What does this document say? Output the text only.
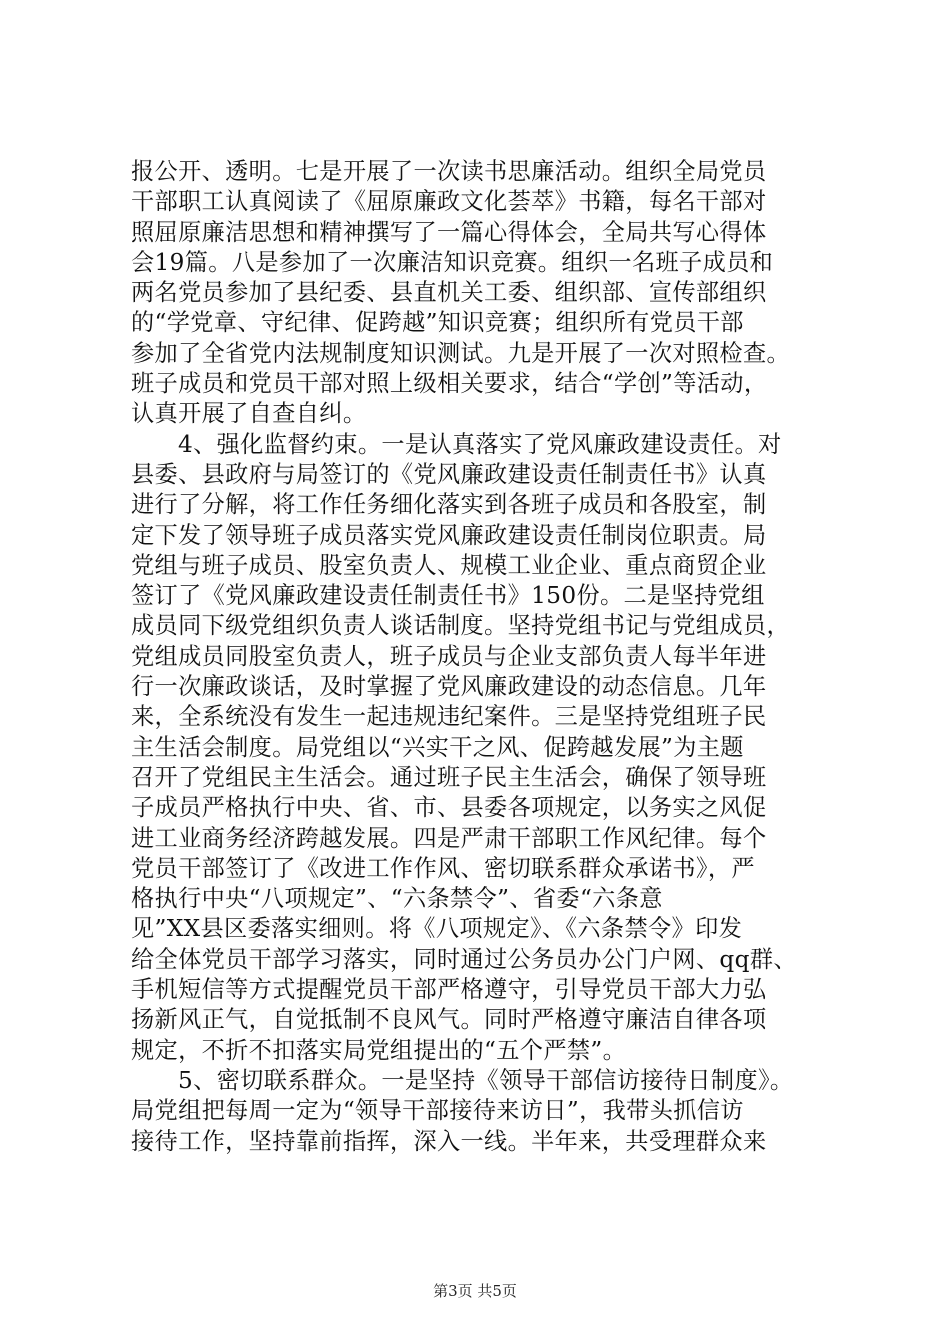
报公开、透明。七是开展了一次读书思廉活动。组织全局党员
干部职工认真阅读了《屈原廉政文化荟萃》书籍，每名干部对
照屈原廉洁思想和精神撰写了一篇心得体会，全局共写心得体
会19篇。八是参加了一次廉洁知识竞赛。组织一名班子成员和
两名党员参加了县纪委、县直机关工委、组织部、宣传部组织
的“学党章、守纪律、促跨越”知识竞赛；组织所有党员干部
参加了全省党内法规制度知识测试。九是开展了一次对照检查。
班子成员和党员干部对照上级相关要求，结合“学创”等活动，
认真开展了自查自纠。
4、强化监督约束。一是认真落实了党风廉政建设责任。对
县委、县政府与局签订的《党风廉政建设责任制责任书》认真
进行了分解，将工作任务细化落实到各班子成员和各股室，制
定下发了领导班子成员落实党风廉政建设责任制岗位职责。局
党组与班子成员、股室负责人、规模工业企业、重点商贸企业
签订了《党风廉政建设责任制责任书》150份。二是坚持党组
成员同下级党组织负责人谈话制度。坚持党组书记与党组成员，
党组成员同股室负责人，班子成员与企业支部负责人每半年进
行一次廉政谈话，及时掌握了党风廉政建设的动态信息。几年
来，全系统没有发生一起违规违纪案件。三是坚持党组班子民
主生活会制度。局党组以“兴实干之风、促跨越发展”为主题
召开了党组民主生活会。通过班子民主生活会，确保了领导班
子成员严格执行中央、省、市、县委各项规定，以务实之风促
进工业商务经济跨越发展。四是严肃干部职工作风纪律。每个
党员干部签订了《改进工作作风、密切联系群众承诺书》，严
格执行中央“八项规定”、“六条禁令”、省委“六条意
见”XX县区委落实细则。将《八项规定》、《六条禁令》印发
给全体党员干部学习落实，同时通过公务员办公门户网、qq群、
手机短信等方式提醒党员干部严格遵守，引导党员干部大力弘
扬新风正气，自觉抵制不良风气。同时严格遵守廉洁自律各项
规定，不折不扣落实局党组提出的“五个严禁”。
5、密切联系群众。一是坚持《领导干部信访接待日制度》。
局党组把每周一定为“领导干部接待来访日”，我带头抓信访
接待工作，坚持靠前指挥，深入一线。半年来，共受理群众来
第3页 共5页
